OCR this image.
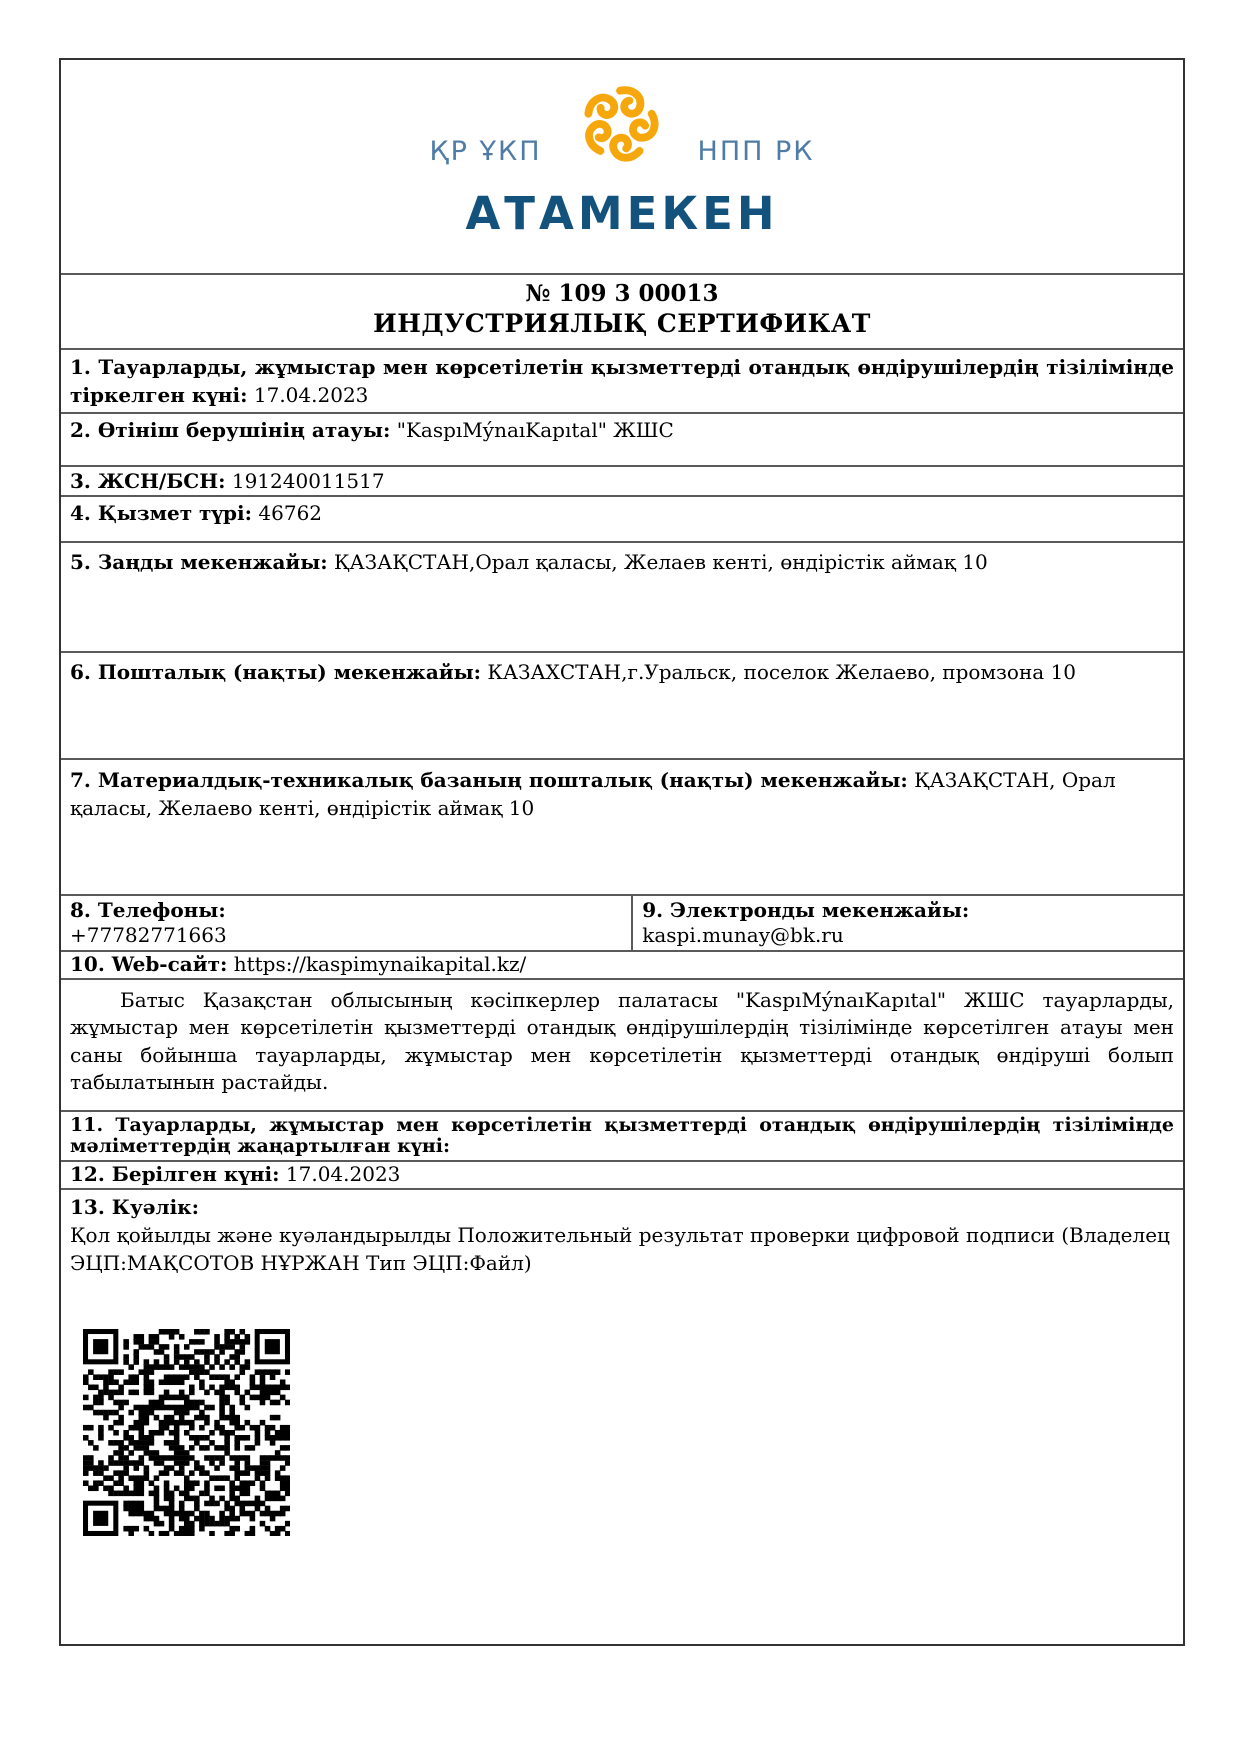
ҚР ҰКП	НПП РК
АТАМЕКЕН
№ 109 3 00013
ИНДУСТРИЯЛЫҚ СЕРТИФИКАТ
1. Тауарларды, жұмыстар мен көрсетілетін қызметтерді отандық өндірушілердің тізілімінде тіркелген күні: 17.04.2023
2. Өтініш берушінің атауы: "KaspıMýnaıKapıtal" ЖШС
3. ЖСН/БСН: 191240011517
4. Қызмет түрі: 46762
5. Заңды мекенжайы: ҚАЗАҚСТАН,Орал қаласы, Желаев кенті, өндірістік аймақ 10
6. Пошталық (нақты) мекенжайы: КАЗАХСТАН,г.Уральск, поселок Желаево, промзона 10
7. Материалдық-техникалық базаның пошталық (нақты) мекенжайы: ҚАЗАҚСТАН, Орал қаласы, Желаево кенті, өндірістік аймақ 10
8. Телефоны:
+77782771663
9. Электронды мекенжайы:
kaspi.munay@bk.ru
10. Web-сайт: https://kaspimynaikapital.kz/

Батыс Қазақстан облысының кәсіпкерлер палатасы "KaspıMýnaıKapıtal" ЖШС тауарларды, жұмыстар мен көрсетілетін қызметтерді отандық өндірушілердің тізілімінде көрсетілген атауы мен саны бойынша тауарларды, жұмыстар мен көрсетілетін қызметтерді отандық өндіруші болып табылатынын растайды.

11. Тауарларды, жұмыстар мен көрсетілетін қызметтерді отандық өндірушілердің тізілімінде мәліметтердің жаңартылған күні:
12. Берілген күні: 17.04.2023
13. Куәлік:
Қол қойылды және куәландырылды Положительный результат проверки цифровой подписи (Владелец ЭЦП:МАҚСОТОВ НҰРЖАН Тип ЭЦП:Файл)
